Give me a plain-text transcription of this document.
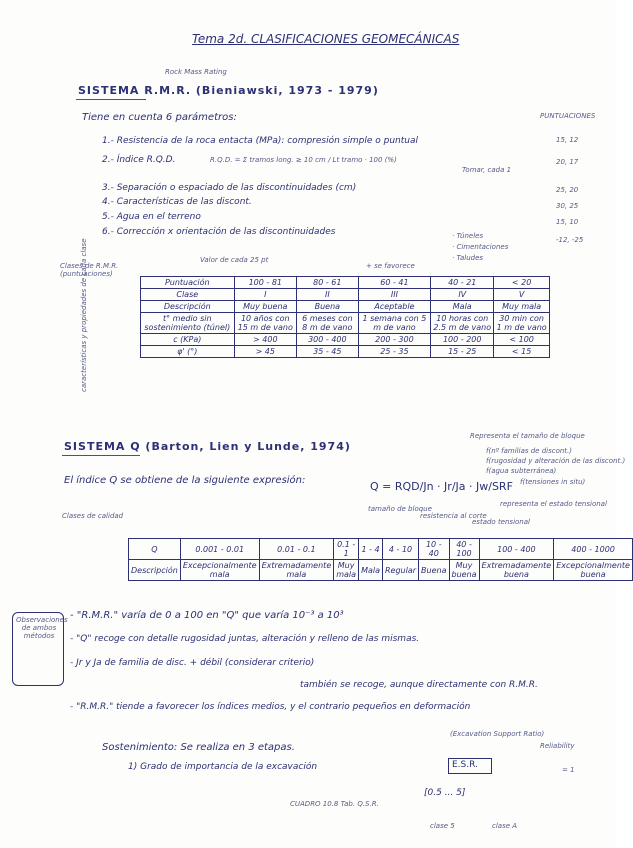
Tema 2d. CLASIFICACIONES GEOMECÁNICAS
Rock Mass Rating
SISTEMA R.M.R. (Bieniawski, 1973 - 1979)
Tiene en cuenta 6 parámetros:	PUNTUACIONES
1.- Resistencia de la roca entacta (MPa): compresión simple o puntual	15, 12
2.- Índice R.Q.D.	R.Q.D. = Σ tramos long. ≥ 10 cm / Lt tramo · 100 (%)
Tomar, cada 1
20, 17
3.- Separación o espaciado de las discontinuidades (cm)	25, 20
4.- Características de las discont.	30, 25
5.- Agua en el terreno	15, 10
6.- Corrección x orientación de las discontinuidades
-12, -25
· Túneles
· Cimentaciones
· Taludes
Clases de R.M.R. (puntuaciones)
Valor de cada 25 pt
+ se favorece
características y propiedades de cada clase	Puntuación	100 - 81	80 - 61	60 - 41	40 - 21	< 20
Clase	I	II	III	IV	V
Descripción	Muy buena	Buena	Aceptable	Mala	Muy mala
t° medio sin sostenimiento (túnel)	10 años con 15 m de vano	6 meses con 8 m de vano	1 semana con 5 m de vano	10 horas con 2.5 m de vano	30 min con 1 m de vano
c (KPa)	> 400	300 - 400	200 - 300	100 - 200	< 100
φ' (°)	> 45	35 - 45	25 - 35	15 - 25	< 15
SISTEMA Q (Barton, Lien y Lunde, 1974)
Representa el tamaño de bloque
f(nº familias de discont.)
f(rugosidad y alteración de las discont.)
f(agua subterránea)
f(tensiones in situ)
El índice Q se obtiene de la siguiente expresión:	Q = RQD/Jn · Jr/Ja · Jw/SRF
tamaño de bloque
resistencia al corte
estado tensional
representa el estado tensional
Clases de calidad
Q	0.001 - 0.01	0.01 - 0.1	0.1 - 1	1 - 4	4 - 10	10 - 40	40 - 100	100 - 400	400 - 1000
Descripción	Excepcionalmente mala	Extremadamente mala	Muy mala	Mala	Regular	Buena	Muy buena	Extremadamente buena	Excepcionalmente buena
Observaciones de ambos métodos
- "R.M.R." varía de 0 a 100 en "Q" que varía 10⁻³ a 10³
- "Q" recoge con detalle rugosidad juntas, alteración y relleno de las mismas.
- Jr y Ja de familia de disc. + débil (considerar criterio)
también se recoge, aunque directamente con R.M.R.
- "R.M.R." tiende a favorecer los índices medios, y el contrario pequeños en deformación
Sostenimiento: Se realiza en 3 etapas.
1) Grado de importancia de la excavación
(Excavation Support Ratio)
Reliability
E.S.R.	= 1
[0.5 ... 5]
CUADRO 10.8 Tab. Q.S.R.
clase 5	clase A
